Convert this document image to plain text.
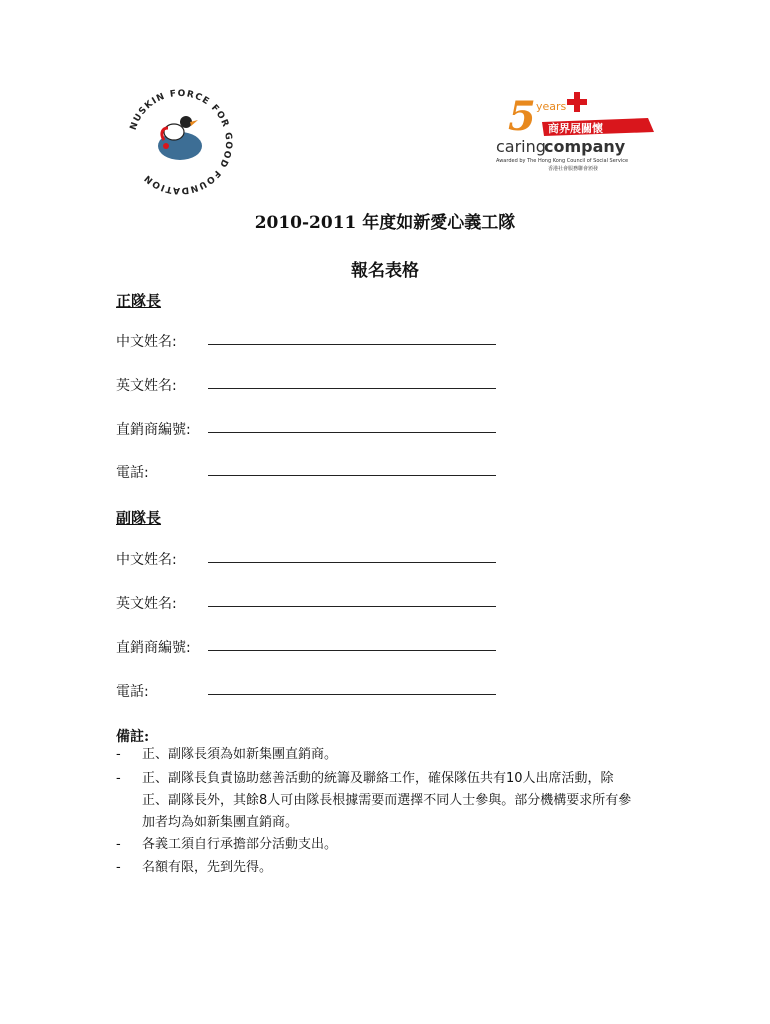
NUSKIN FORCE FOR GOOD FOUNDATION
5 years
商界展關懷
caring
company
Awarded by The Hong Kong Council of Social Service
香港社會服務聯會頒發
2010-2011 年度如新愛心義工隊
報名表格
正隊長
中文姓名:
英文姓名:
直銷商編號:
電話:
副隊長
中文姓名:
英文姓名:
直銷商編號:
電話:
備註:
- 正、副隊長須為如新集團直銷商。
- 正、副隊長負責協助慈善活動的統籌及聯絡工作，確保隊伍共有10人出席活動，除
正、副隊長外，其餘8人可由隊長根據需要而選擇不同人士參與。部分機構要求所有參
加者均為如新集團直銷商。
- 各義工須自行承擔部分活動支出。
- 名額有限，先到先得。
